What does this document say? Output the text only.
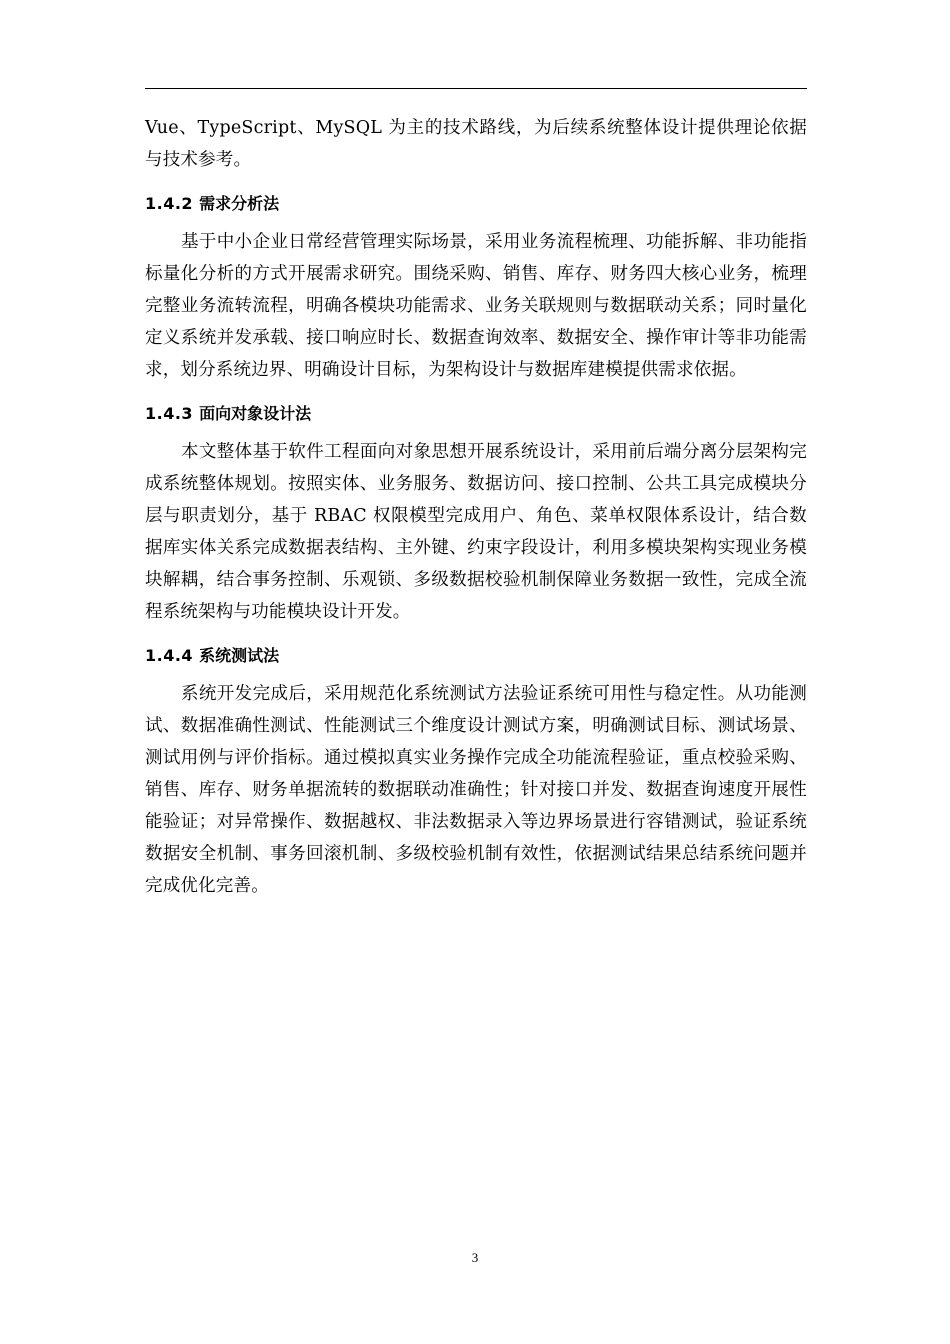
Vue、TypeScript、MySQL 为主的技术路线，为后续系统整体设计提供理论依据与技术参考。

1.4.2 需求分析法

基于中小企业日常经营管理实际场景，采用业务流程梳理、功能拆解、非功能指标量化分析的方式开展需求研究。围绕采购、销售、库存、财务四大核心业务，梳理完整业务流转流程，明确各模块功能需求、业务关联规则与数据联动关系；同时量化定义系统并发承载、接口响应时长、数据查询效率、数据安全、操作审计等非功能需求，划分系统边界、明确设计目标，为架构设计与数据库建模提供需求依据。

1.4.3 面向对象设计法

本文整体基于软件工程面向对象思想开展系统设计，采用前后端分离分层架构完成系统整体规划。按照实体、业务服务、数据访问、接口控制、公共工具完成模块分层与职责划分，基于 RBAC 权限模型完成用户、角色、菜单权限体系设计，结合数据库实体关系完成数据表结构、主外键、约束字段设计，利用多模块架构实现业务模块解耦，结合事务控制、乐观锁、多级数据校验机制保障业务数据一致性，完成全流程系统架构与功能模块设计开发。

1.4.4 系统测试法

系统开发完成后，采用规范化系统测试方法验证系统可用性与稳定性。从功能测试、数据准确性测试、性能测试三个维度设计测试方案，明确测试目标、测试场景、测试用例与评价指标。通过模拟真实业务操作完成全功能流程验证，重点校验采购、销售、库存、财务单据流转的数据联动准确性；针对接口并发、数据查询速度开展性能验证；对异常操作、数据越权、非法数据录入等边界场景进行容错测试，验证系统数据安全机制、事务回滚机制、多级校验机制有效性，依据测试结果总结系统问题并完成优化完善。

3
